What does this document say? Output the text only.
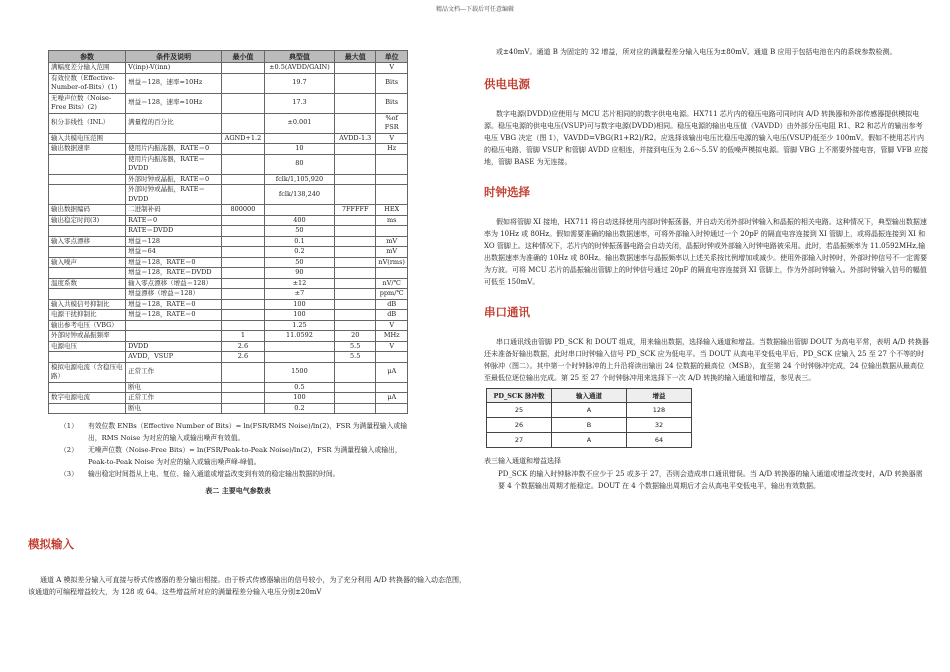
精品文档---下载后可任意编辑
参数	条件及说明	最小值	典型值	最大值	单位
满幅度差分输入范围	V(inp)-V(inn)		±0.5(AVDD/GAIN)		V
有效位数（Effective-Number-of-Bits）(1)	增益＝128，速率=10Hz		19.7		Bits
无噪声位数（Noise-Free Bits）(2)	增益＝128，速率=10Hz		17.3		Bits
积分非线性（INL）	满量程的百分比		±0.001		%of FSR
输入共模电压范围		AGND+1.2		AVDD-1.3	V
输出数据速率	使用片内振荡器，RATE＝0		10		Hz
	使用片内振荡器，RATE＝DVDD		80		
	外部时钟或晶振，RATE＝0		fclk/1,105,920		
	外部时钟或晶振，RATE＝DVDD		fclk/138,240		
输出数据编码	二进制补码	800000		7FFFFF	HEX
输出稳定时间(3)	RATE＝0		400		ms
	RATE＝DVDD		50		
输入零点漂移	增益＝128		0.1		mV
	增益＝64		0.2		mV
输入噪声	增益＝128，RATE＝0		50		nV(rms)
	增益＝128，RATE＝DVDD		90		
温度系数	输入零点漂移（增益＝128）		±12		nV/℃
	增益漂移（增益＝128）		±7		ppm/℃
输入共模信号抑制比	增益＝128，RATE＝0		100		dB
电源干扰抑制比	增益＝128，RATE＝0		100		dB
输出参考电压（VBG）			1.25		V
外部时钟或晶振频率		1	11.0592	20	MHz
电源电压	DVDD	2.6		5.5	V
	AVDD，VSUP	2.6		5.5	
模拟电源电流（含稳压电路）	正常工作		1500		μA
	断电		0.5		
数字电源电流	正常工作		100		μA
	断电		0.2		
（1）	有效位数 ENBs（Effective Number of Bits）= ln(FSR/RMS Noise)/ln(2)，FSR 为满量程输入或输出，RMS Noise 为对应的输入或输出噪声有效值。
（2）	无噪声位数（Noise-Free Bits）= ln(FSR/Peak-to-Peak Noise)/ln(2)，FSR 为满量程输入或输出，Peak-to-Peak Noise 为对应的输入或输出噪声峰-峰值。
（3）	输出稳定时间指从上电、复位、输入通道或增益改变到有效的稳定输出数据的时间。
表二 主要电气参数表
模拟输入

通道 A 模拟差分输入可直接与桥式传感器的差分输出相接。由于桥式传感器输出的信号较小，为了充分利用 A/D 转换器的输入动态范围，该通道的可编程增益较大，为 128 或 64。这些增益所对应的满量程差分输入电压分别±20mV

或±40mV。通道 B 为固定的 32 增益，所对应的满量程差分输入电压为±80mV。通道 B 应用于包括电池在内的系统参数检测。

供电电源

数字电源(DVDD)应使用与 MCU 芯片相同的的数字供电电源。HX711 芯片内的稳压电路可同时向 A/D 转换器和外部传感器提供模拟电源。稳压电源的供电电压(VSUP)可与数字电源(DVDD)相同。稳压电源的输出电压值（VAVDD）由外部分压电阻 R1、R2 和芯片的输出参考电压 VBG 决定（图 1），VAVDD=VBG(R1+R2)/R2。应选择该输出电压比稳压电源的输入电压(VSUP)低至少 100mV。假如不使用芯片内的稳压电路，管脚 VSUP 和管脚 AVDD 应相连，并接到电压为 2.6～5.5V 的低噪声模拟电源。管脚 VBG 上不需要外接电容，管脚 VFB 应接地，管脚 BASE 为无连接。

时钟选择

假如将管脚 XI 接地，HX711 将自动选择使用内部时钟振荡器，并自动关闭外部时钟输入和晶振的相关电路。这种情况下，典型输出数据速率为 10Hz 或 80Hz。假如需要准确的输出数据速率，可将外部输入时钟通过一个 20pF 的隔直电容连接到 XI 管脚上，或将晶振连接到 XI 和 XO 管脚上。这种情况下，芯片内的时钟振荡器电路会自动关闭，晶振时钟或外部输入时钟电路被采用。此时，若晶振频率为 11.0592MHz,输出数据速率为准确的 10Hz 或 80Hz。输出数据速率与晶振频率以上述关系按比例增加或减少。使用外部输入时钟时，外部时钟信号不一定需要为方波。可将 MCU 芯片的晶振输出管脚上的时钟信号通过 20pF 的隔直电容连接到 XI 管脚上，作为外部时钟输入。外部时钟输入信号的幅值可低至 150mV。

串口通讯

串口通讯线由管脚 PD_SCK 和 DOUT 组成，用来输出数据，选择输入通道和增益。当数据输出管脚 DOUT 为高电平常，表明 A/D 转换器还未准备好输出数据，此时串口时钟输入信号 PD_SCK 应为低电平。当 DOUT 从高电平变低电平后，PD_SCK 应输入 25 至 27 个不等的时钟脉冲（图二）。其中第一个时钟脉冲的上升沿将读出输出 24 位数据的最高位（MSB），直至第 24 个时钟脉冲完成，24 位输出数据从最高位至最低位逐位输出完成。第 25 至 27 个时钟脉冲用来选择下一次 A/D 转换的输入通道和增益，参见表三。

PD_SCK 脉冲数	输入通道	增益
25	A	128
26	B	32
27	A	64
表三输入通道和增益选择

PD_SCK 的输入时钟脉冲数不应少于 25 或多于 27，否则会造成串口通讯错误。当 A/D 转换器的输入通道或增益改变时，A/D 转换器需要 4 个数据输出周期才能稳定。DOUT 在 4 个数据输出周期后才会从高电平变低电平，输出有效数据。
